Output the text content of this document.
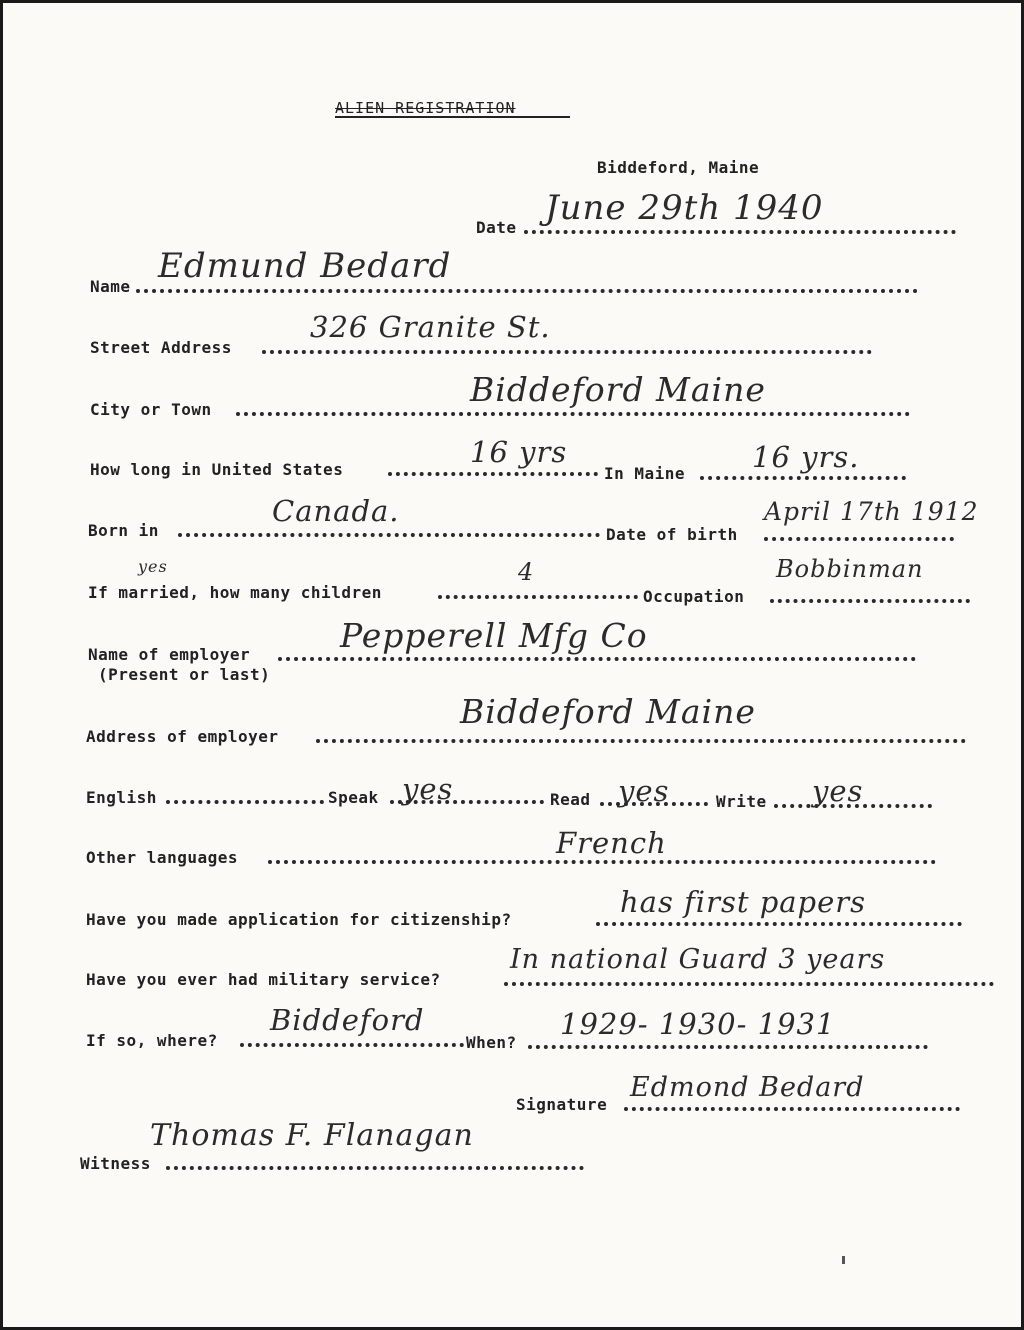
ALIEN REGISTRATION
Biddeford, Maine
Date June 29th 1940
Name
Edmund Bedard
Street Address
326 Granite St.
City or Town
Biddeford Maine
How long in United States
16 yrs
In Maine 16 yrs.
Born in
Canada.
Date of birth
April 17th 1912
If married, how many children
yes	4
Occupation
Bobbinman
Name of employer
(Present or last)
Pepperell Mfg Co
Address of employer
Biddeford Maine
English	Speak yes	Read yes	Write yes
Other languages	French
Have you made application for citizenship?
has first papers
Have you ever had military service?
In national Guard 3 years
If so, where?
Biddeford
When?
1929- 1930- 1931
Signature
Edmond Bedard
Witness
Thomas F. Flanagan
